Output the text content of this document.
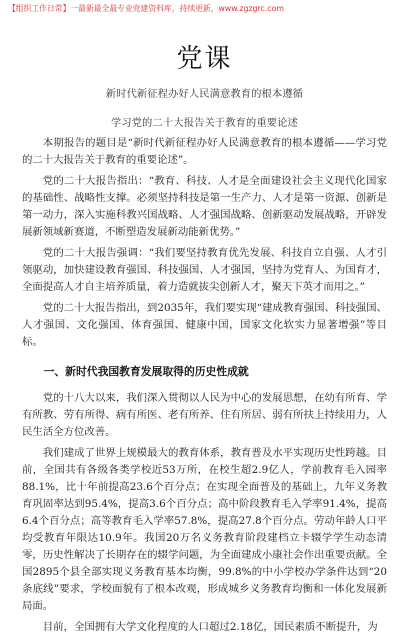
【组织工作日常】一最新最全最专业党建资料库，持续更新，www.zgzgrc.com
党课
新时代新征程办好人民满意教育的根本遵循
学习党的二十大报告关于教育的重要论述

本期报告的题目是“新时代新征程办好人民满意教育的根本遵循——学习党的二十大报告关于教育的重要论述”。

党的二十大报告指出：“教育、科技、人才是全面建设社会主义现代化国家的基础性、战略性支撑。必须坚持科技是第一生产力、人才是第一资源、创新是第一动力，深入实施科教兴国战略、人才强国战略、创新驱动发展战略，开辟发展新领域新赛道，不断塑造发展新动能新优势。”

党的二十大报告强调：“我们要坚持教育优先发展、科技自立自强、人才引领驱动，加快建设教育强国、科技强国、人才强国，坚持为党育人、为国育才，全面提高人才自主培养质量，着力造就拔尖创新人才，聚天下英才而用之。”

党的二十大报告指出，到2035年，我们要实现“建成教育强国、科技强国、人才强国、文化强国、体育强国、健康中国，国家文化软实力显著增强”等目标。

一、新时代我国教育发展取得的历史性成就

党的十八大以来，我们深入贯彻以人民为中心的发展思想，在幼有所育、学有所教、劳有所得、病有所医、老有所养、住有所居、弱有所扶上持续用力，人民生活全方位改善。

我们建成了世界上规模最大的教育体系，教育普及水平实现历史性跨越。目前，全国共有各级各类学校近53万所，在校生超2.9亿人，学前教育毛入园率88.1%，比十年前提高23.6个百分点；在实现全面普及的基础上，九年义务教育巩固率达到95.4%，提高3.6个百分点；高中阶段教育毛入学率91.4%，提高6.4个百分点；高等教育毛入学率57.8%，提高27.8个百分点。劳动年龄人口平均受教育年限达10.9年。我国20万名义务教育阶段建档立卡辍学学生动态清零，历史性解决了长期存在的辍学问题，为全面建成小康社会作出重要贡献。全国2895个县全部实现义务教育基本均衡，99.8%的中小学校办学条件达到“20条底线”要求，学校面貌有了根本改观，形成城乡义务教育均衡和一体化发展新局面。

目前，全国拥有大学文化程度的人口超过2.18亿，国民素质不断提升，为
